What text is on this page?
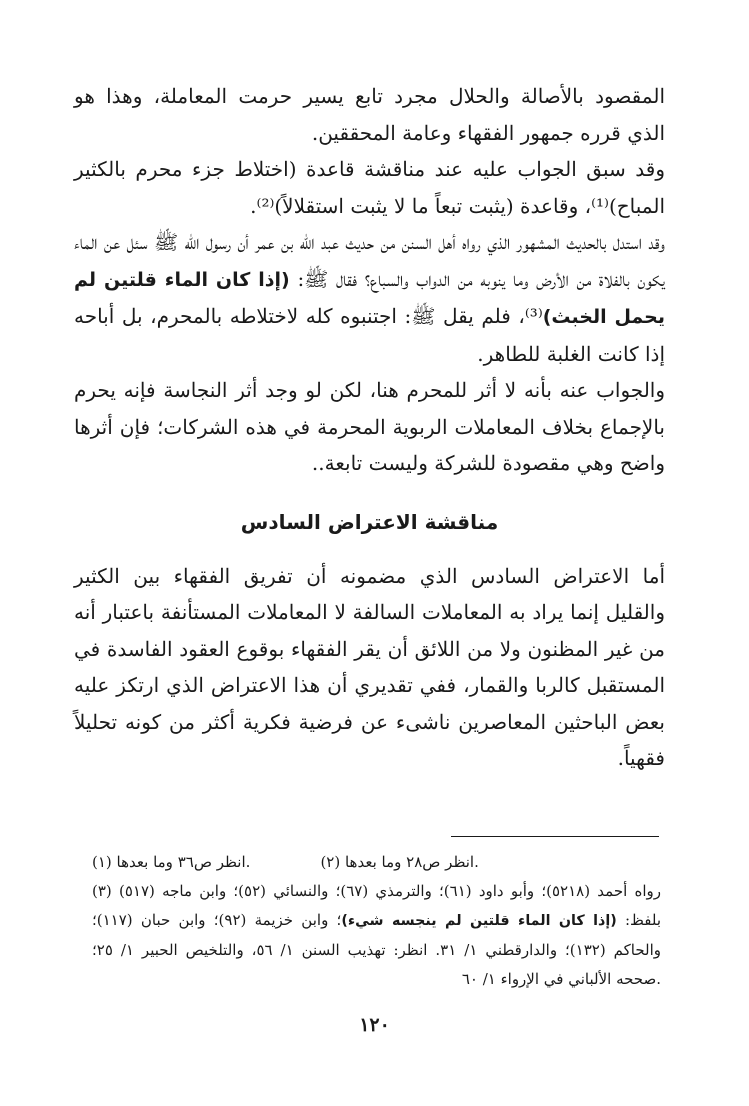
المقصود بالأصالة والحلال مجرد تابع يسير حرمت المعاملة، وهذا هو الذي قرره جمهور الفقهاء وعامة المحققين.

وقد سبق الجواب عليه عند مناقشة قاعدة (اختلاط جزء محرم بالكثير المباح)⁽¹⁾، وقاعدة (يثبت تبعاً ما لا يثبت استقلالاً)⁽²⁾.

وقد استدل بالحديث المشهور الذي رواه أهل السنن من حديث عبد الله بن عمر أن رسول الله ﷺ سئل عن الماء يكون بالفلاة من الأرض وما ينوبه من الدواب والسباع؟ فقال ﷺ: (إذا كان الماء قلتين لم يحمل الخبث)⁽³⁾، فلم يقل ﷺ: اجتنبوه كله لاختلاطه بالمحرم، بل أباحه إذا كانت الغلبة للطاهر.

والجواب عنه بأنه لا أثر للمحرم هنا، لكن لو وجد أثر النجاسة فإنه يحرم بالإجماع بخلاف المعاملات الربوية المحرمة في هذه الشركات؛ فإن أثرها واضح وهي مقصودة للشركة وليست تابعة..

مناقشة الاعتراض السادس

أما الاعتراض السادس الذي مضمونه أن تفريق الفقهاء بين الكثير والقليل إنما يراد به المعاملات السالفة لا المعاملات المستأنفة باعتبار أنه من غير المظنون ولا من اللائق أن يقر الفقهاء بوقوع العقود الفاسدة في المستقبل كالربا والقمار، ففي تقديري أن هذا الاعتراض الذي ارتكز عليه بعض الباحثين المعاصرين ناشىء عن فرضية فكرية أكثر من كونه تحليلاً فقهياً.

(١) انظر ص٣٦ وما بعدها.	(٢) انظر ص٢٨ وما بعدها.

(٣) رواه أحمد (٥٢١٨)؛ وأبو داود (٦١)؛ والترمذي (٦٧)؛ والنسائي (٥٢)؛ وابن ماجه (٥١٧) بلفظ: (إذا كان الماء قلتين لم ينجسه شيء)؛ وابن خزيمة (٩٢)؛ وابن حبان (١١٧)؛ والحاكم (١٣٢)؛ والدارقطني ١/ ٣١. انظر: تهذيب السنن ١/ ٥٦، والتلخيص الحبير ١/ ٢٥؛ صححه الألباني في الإرواء ١/ ٦٠.

١٢٠
